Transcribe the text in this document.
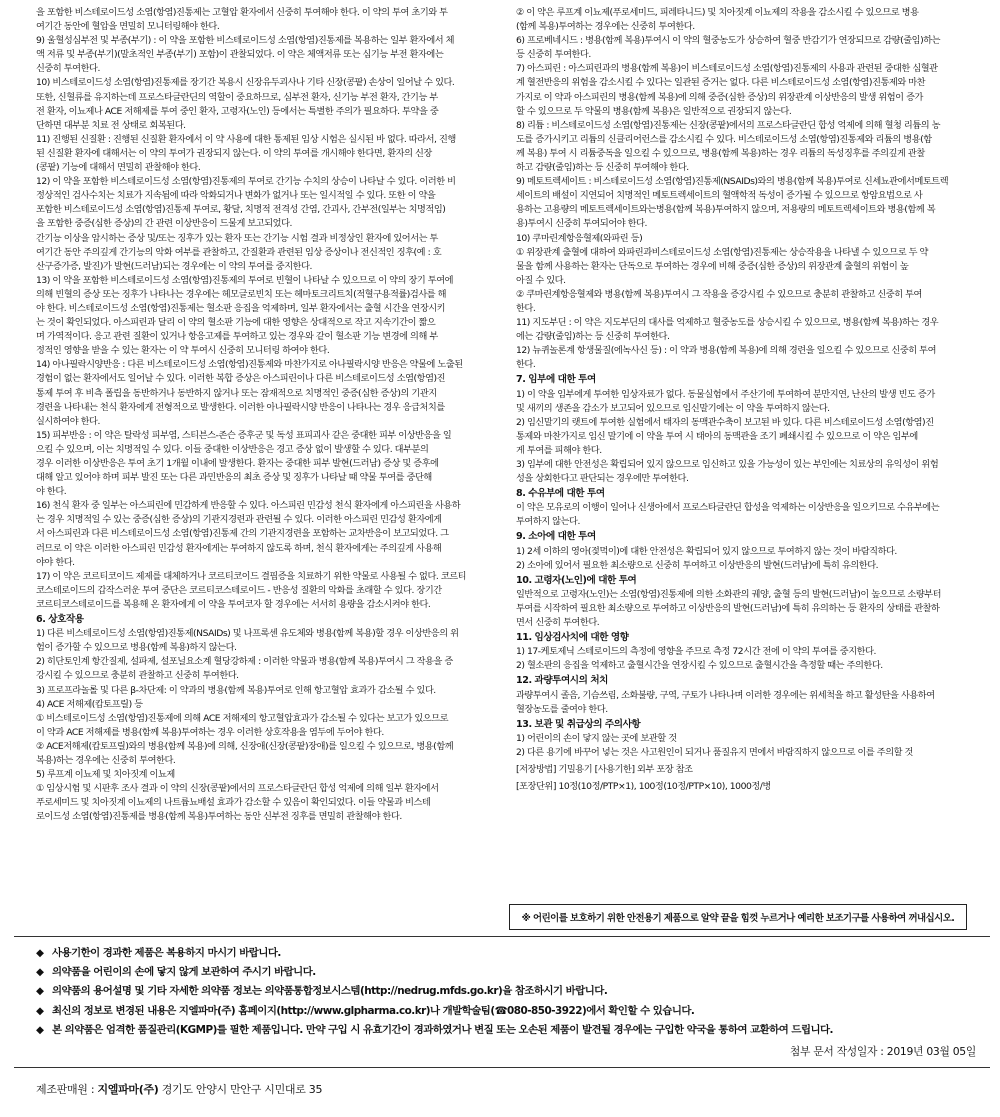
을 포함한 비스테로이드성 소염(항염)진통제는 고혈압 환자에서 신중히 투여해야 한다. 이 약의 투여 초기와 투
여기간 동안에 혈압을 면밀히 모니터링해야 한다.
9) 울혈성심부전 및 부종(부기) : 이 약을 포함한 비스테로이드성 소염(항염)진통제를 복용하는 일부 환자에서 체
액 저류 및 부종(부기)(말초적인 부종(부기) 포함)이 관찰되었다. 이 약은 체액저류 또는 심기능 부전 환자에는
신중히 투여한다.
10) 비스테로이드성 소염(항염)진통제를 장기간 복용시 신장유두괴사나 기타 신장(콩팥) 손상이 일어날 수 있다.
또한, 신혈류를 유지하는데 프로스타글란딘의 역할이 중요하므로, 심부전 환자, 신기능 부전 환자, 간기능 부
전 환자, 이뇨제나 ACE 저해제를 투여 중인 환자, 고령자(노인) 등에서는 특별한 주의가 필요하다. 투약을 중
단하면 대부분 치료 전 상태로 회복된다.
11) 진행된 신질환 : 진행된 신질환 환자에서 이 약 사용에 대한 통제된 임상 시험은 실시된 바 없다. 따라서, 진행
된 신질환 환자에 대해서는 이 약의 투여가 권장되지 않는다. 이 약의 투여를 개시해야 한다면, 환자의 신장
(콩팥) 기능에 대해서 면밀히 관찰해야 한다.
12) 이 약을 포함한 비스테로이드성 소염(항염)진통제의 투여로 간기능 수치의 상승이 나타날 수 있다. 이러한 비
정상적인 검사수치는 치료가 지속됨에 따라 악화되거나 변화가 없거나 또는 일시적일 수 있다. 또한 이 약을
포함한 비스테로이드성 소염(항염)진통제 투여로, 황달, 치명적 전격성 간염, 간괴사, 간부전(일부는 치명적임)
을 포함한 중증(심한 증상)의 간 관련 이상반응이 드물게 보고되었다.
간기능 이상을 암시하는 증상 및/또는 징후가 있는 환자 또는 간기능 시험 결과 비정상인 환자에 있어서는 투
여기간 동안 주의깊게 간기능의 악화 여부를 관찰하고, 간질환과 관련된 임상 증상이나 전신적인 징후(예 : 호
산구증가증, 발진)가 발현(드러남)되는 경우에는 이 약의 투여를 중지한다.
13) 이 약을 포함한 비스테로이드성 소염(항염)진통제의 투여로 빈혈이 나타날 수 있으므로 이 약의 장기 투여에
의해 빈혈의 증상 또는 징후가 나타나는 경우에는 헤모글로빈치 또는 헤마토크리트치(적혈구용적률)검사를 해
야 한다. 비스테로이드성 소염(항염)진통제는 혈소판 응집을 억제하며, 일부 환자에서는 출혈 시간을 연장시키
는 것이 확인되었다. 아스피린과 달리 이 약의 혈소판 기능에 대한 영향은 상대적으로 작고 지속기간이 짧으
며 가역적이다. 응고 관련 질환이 있거나 항응고제를 투여하고 있는 경우와 같이 혈소판 기능 변경에 의해 부
정적인 영향을 받을 수 있는 환자는 이 약 투여시 신중히 모니터링 하여야 한다.
14) 아나필락시양반응 : 다른 비스테로이드성 소염(항염)진통제와 마찬가지로 아나필락시양 반응은 약물에 노출된
경험이 없는 환자에서도 일어날 수 있다. 이러한 복합 증상은 아스피린이나 다른 비스테로이드성 소염(항염)진
통제 투여 후 비측 폴립을 동반하거나 동반하지 않거나 또는 잠재적으로 치명적인 중증(심한 증상)의 기관지
경련을 나타내는 천식 환자에게 전형적으로 발생한다. 이러한 아나필락시양 반응이 나타나는 경우 응급처치를
실시하여야 한다.
15) 피부반응 : 이 약은 탈락성 피부염, 스티븐스-존슨 증후군 및 독성 표피괴사 같은 중대한 피부 이상반응을 일
으킬 수 있으며, 이는 치명적일 수 있다. 이들 중대한 이상반응은 경고 증상 없이 발생할 수 있다. 대부분의
경우 이러한 이상반응은 투여 초기 1개월 이내에 발생한다. 환자는 중대한 피부 발현(드러남) 증상 및 증후에
대해 알고 있어야 하며 피부 발진 또는 다른 과민반응의 최초 증상 및 징후가 나타날 때 약물 투여를 중단해
야 한다.
16) 천식 환자 중 일부는 아스피린에 민감하게 반응할 수 있다. 아스피린 민감성 천식 환자에게 아스피린을 사용하
는 경우 치명적일 수 있는 중증(심한 증상)의 기관지경련과 관련될 수 있다. 이러한 아스피린 민감성 환자에게
서 아스피린과 다른 비스테로이드성 소염(항염)진통제 간의 기관지경련을 포함하는 교차반응이 보고되었다. 그
러므로 이 약은 이러한 아스피린 민감성 환자에게는 투여하지 않도록 하며, 천식 환자에게는 주의깊게 사용해
야야 한다.
17) 이 약은 코르티코이드 제제를 대체하거나 코르티코이드 결핍증을 치료하기 위한 약물로 사용될 수 없다. 코르티
코스테로이드의 갑작스러운 투여 중단은 코르티코스테로이드 - 반응성 질환의 악화를 초래할 수 있다. 장기간
코르티코스테로이드를 복용해 온 환자에게 이 약을 투여코자 할 경우에는 서서히 용량을 감소시켜야 한다.
6. 상호작용
1) 다른 비스테로이드성 소염(항염)진통제(NSAIDs) 및 나프록센 유도체와 병용(함께 복용)할 경우 이상반응의 위
험이 증가할 수 있으므로 병용(함께 복용)하지 않는다.
2) 히단토인계 항간질제, 설파제, 설포닐요소계 혈당강하제 : 이러한 약물과 병용(함께 복용)투여시 그 작용을 증
강시킬 수 있으므로 충분히 관찰하고 신중히 투여한다.
3) 프로프라놀롤 및 다른 β-차단제: 이 약과의 병용(함께 복용)투여로 인해 항고혈압 효과가 감소될 수 있다.
4) ACE 저해제(캅토프릴) 등
① 비스테로이드성 소염(항염)진통제에 의해 ACE 저해제의 항고혈압효과가 감소될 수 있다는 보고가 있으므로
이 약과 ACE 저해제를 병용(함께 복용)투여하는 경우 이러한 상호작용을 염두에 두어야 한다.
② ACE저해제(캅토프릴)와의 병용(함께 복용)에 의해, 신장애(신장(콩팥)장애)를 일으킬 수 있으므로, 병용(함께
복용)하는 경우에는 신중히 투여한다.
5) 루프계 이뇨제 및 치아짓계 이뇨제
① 임상시험 및 시판후 조사 결과 이 약의 신장(콩팥)에서의 프로스타글란딘 합성 억제에 의해 일부 환자에서
푸로세미드 및 치아짓계 이뇨제의 나트륨뇨배설 효과가 감소할 수 있음이 확인되었다. 이들 약물과 비스테
로이드성 소염(항염)진통제를 병용(함께 복용)투여하는 동안 신부전 징후를 면밀히 관찰해야 한다.
② 이 약은 루프계 이뇨제(푸로세미드, 피레타니드) 및 치아짓계 이뇨제의 작용을 감소시킬 수 있으므로 병용
(함께 복용)투여하는 경우에는 신중히 투여한다.
6) 프로베네시드 : 병용(함께 복용)투여시 이 약의 혈중농도가 상승하여 혈중 반감기가 연장되므로 감량(줄임)하는
등 신중히 투여한다.
7) 아스피린 : 아스피린과의 병용(함께 복용)이 비스테로이드성 소염(항염)진통제의 사용과 관련된 중대한 심혈관
계 혈전반응의 위험을 감소시킬 수 있다는 일관된 증거는 없다. 다른 비스테로이드성 소염(항염)진통제와 마찬
가지로 이 약과 아스피린의 병용(함께 복용)에 의해 중증(심한 증상)의 위장관계 이상반응의 발생 위험이 증가
할 수 있으므로 두 약물의 병용(함께 복용)은 일반적으로 권장되지 않는다.
8) 리튬 : 비스테로이드성 소염(항염)진통제는 신장(콩팥)에서의 프로스타글란딘 합성 억제에 의해 혈청 리튬의 농
도를 증가시키고 리튬의 신클리어런스를 감소시킬 수 있다. 비스테로이드성 소염(항염)진통제와 리튬의 병용(함
께 복용) 투여 시 리튬중독을 일으킬 수 있으므로, 병용(함께 복용)하는 경우 리튬의 독성징후를 주의깊게 관찰
하고 감량(줄임)하는 등 신중히 투여해야 한다.
9) 메토트렉세이트 : 비스테로이드성 소염(항염)진통제(NSAIDs)와의 병용(함께 복용)투여로 신세뇨관에서메토트렉
세이트의 배설이 지연되어 치명적인 메토트렉세이트의 혈액학적 독성이 증가될 수 있으므로 항암요법으로 사
용하는 고용량의 메토트렉세이트와는병용(함께 복용)투여하지 않으며, 저용량의 메토트렉세이트와 병용(함께 복
용)투여시 신중히 투여되어야 한다.
10) 쿠마린계항응혈제(와파린 등)
① 위장관계 출혈에 대하여 와파린과비스테로이드성 소염(항염)진통제는 상승작용을 나타낼 수 있으므로 두 약
물을 함께 사용하는 환자는 단독으로 투여하는 경우에 비해 중증(심한 증상)의 위장관계 출혈의 위험이 높
아질 수 있다.
② 쿠마린계항응혈제와 병용(함께 복용)투여시 그 작용을 증강시킬 수 있으므로 충분히 관찰하고 신중히 투여
한다.
11) 지도부딘 : 이 약은 지도부딘의 대사를 억제하고 혈중농도를 상승시킬 수 있으므로, 병용(함께 복용)하는 경우
에는 감량(줄임)하는 등 신중히 투여한다.
12) 뉴퀴놀론계 항생물질(에녹사신 등) : 이 약과 병용(함께 복용)에 의해 경련을 일으킬 수 있으므로 신중히 투여
한다.
7. 임부에 대한 투여
1) 이 약을 임부에게 투여한 임상자료가 없다. 동물실험에서 주산기에 투여하여 분만지연, 난산의 발생 빈도 증가
및 새끼의 생존을 감소가 보고되어 있으므로 임신말기에는 이 약을 투여하지 않는다.
2) 임신말기의 랫트에 투여한 실험에서 태자의 동맥관수축이 보고된 바 있다. 다른 비스테로이드성 소염(항염)진
통제와 마찬가지로 임신 말기에 이 약을 투여 시 태아의 동맥관을 조기 폐쇄시킬 수 있으므로 이 약은 임부에
게 투여를 피해야 한다.
3) 임부에 대한 안전성은 확립되어 있지 않으므로 임신하고 있을 가능성이 있는 부인에는 치료상의 유익성이 위험
성을 상회한다고 판단되는 경우에만 투여한다.
8. 수유부에 대한 투여
이 약은 모유로의 이행이 일어나 신생아에서 프로스타글란딘 합성을 억제하는 이상반응을 일으키므로 수유부에는
투여하지 않는다.
9. 소아에 대한 투여
1) 2세 이하의 영아(젖먹이)에 대한 안전성은 확립되어 있지 않으므로 투여하지 않는 것이 바람직하다.
2) 소아에 있어서 필요한 최소량으로 신중히 투여하고 이상반응의 발현(드러남)에 특히 유의한다.
10. 고령자(노인)에 대한 투여
일반적으로 고령자(노인)는 소염(항염)진통제에 의한 소화관의 궤양, 출혈 등의 발현(드러남)이 높으므로 소량부터
투여를 시작하여 필요한 최소량으로 투여하고 이상반응의 발현(드러남)에 특히 유의하는 등 환자의 상태를 관찰하
면서 신중히 투여한다.
11. 임상검사치에 대한 영향
1) 17-케토제닉 스테로이드의 측정에 영향을 주므로 측정 72시간 전에 이 약의 투여를 중지한다.
2) 혈소판의 응집을 억제하고 출혈시간을 연장시킬 수 있으므로 출혈시간을 측정할 때는 주의한다.
12. 과량투여시의 처치
과량투여시 졸음, 기슴쓰림, 소화불량, 구역, 구토가 나타나며 이러한 경우에는 위세척을 하고 활성탄을 사용하여
혈장농도를 줄여야 한다.
13. 보관 및 취급상의 주의사항
1) 어린이의 손이 닿지 않는 곳에 보관할 것
2) 다른 용기에 바꾸어 넣는 것은 사고원인이 되거나 품질유지 면에서 바람직하지 않으므로 이를 주의할 것
[저장방법] 기밀용기 [사용기한] 외부 포장 참조
[포장단위] 10정(10정/PTP×1), 100정(10정/PTP×10), 1000정/병
※ 어린이를 보호하기 위한 안전용기 제품으로 알약 끝을 힘껏 누르거나 예리한 보조기구를 사용하여 꺼내십시오.
◆ 사용기한이 경과한 제품은 복용하지 마시기 바랍니다.
◆ 의약품을 어린이의 손에 닿지 않게 보관하여 주시기 바랍니다.
◆ 의약품의 용어설명 및 기타 자세한 의약품 정보는 의약품통합정보시스템(http://nedrug.mfds.go.kr)을 참조하시기 바랍니다.
◆ 최신의 정보로 변경된 내용은 지엘파마(주) 홈페이지(http://www.glpharma.co.kr)나 개발학술팀(☎080-850-3922)에서 확인할 수 있습니다.
◆ 본 의약품은 엄격한 품질관리(KGMP)를 필한 제품입니다. 만약 구입 시 유효기간이 경과하였거나 변질 또는 오손된 제품이 발견될 경우에는 구입한 약국을 통하여 교환하여 드립니다.
첨부 문서 작성일자 : 2019년 03월 05일
제조판매원 : 지엘파마(주) 경기도 안양시 만안구 시민대로 35
